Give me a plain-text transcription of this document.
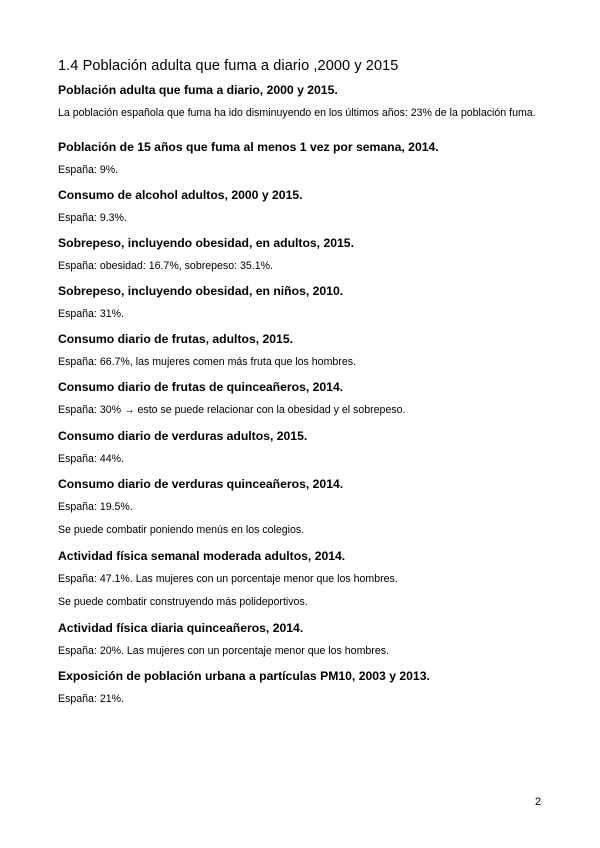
1.4 Población adulta que fuma a diario ,2000 y 2015

Población adulta que fuma a diario, 2000 y 2015.

La población española que fuma ha ido disminuyendo en los últimos años: 23% de la población fuma.

Población de 15 años que fuma al menos 1 vez por semana, 2014.

España: 9%.

Consumo de alcohol adultos, 2000 y 2015.

España: 9.3%.

Sobrepeso, incluyendo obesidad, en adultos, 2015.

España: obesidad: 16.7%, sobrepeso: 35.1%.

Sobrepeso, incluyendo obesidad, en niños, 2010.

España: 31%.

Consumo diario de frutas, adultos, 2015.

España: 66.7%, las mujeres comen más fruta que los hombres.

Consumo diario de frutas de quinceañeros, 2014.

España: 30% → esto se puede relacionar con la obesidad y el sobrepeso.

Consumo diario de verduras adultos, 2015.

España: 44%.

Consumo diario de verduras quinceañeros, 2014.

España: 19.5%.

Se puede combatir poniendo menús en los colegios.

Actividad física semanal moderada adultos, 2014.

España: 47.1%. Las mujeres con un porcentaje menor que los hombres.

Se puede combatir construyendo más polideportivos.

Actividad física diaria quinceañeros, 2014.

España: 20%. Las mujeres con un porcentaje menor que los hombres.

Exposición de población urbana a partículas PM10, 2003 y 2013.

España: 21%.

2
